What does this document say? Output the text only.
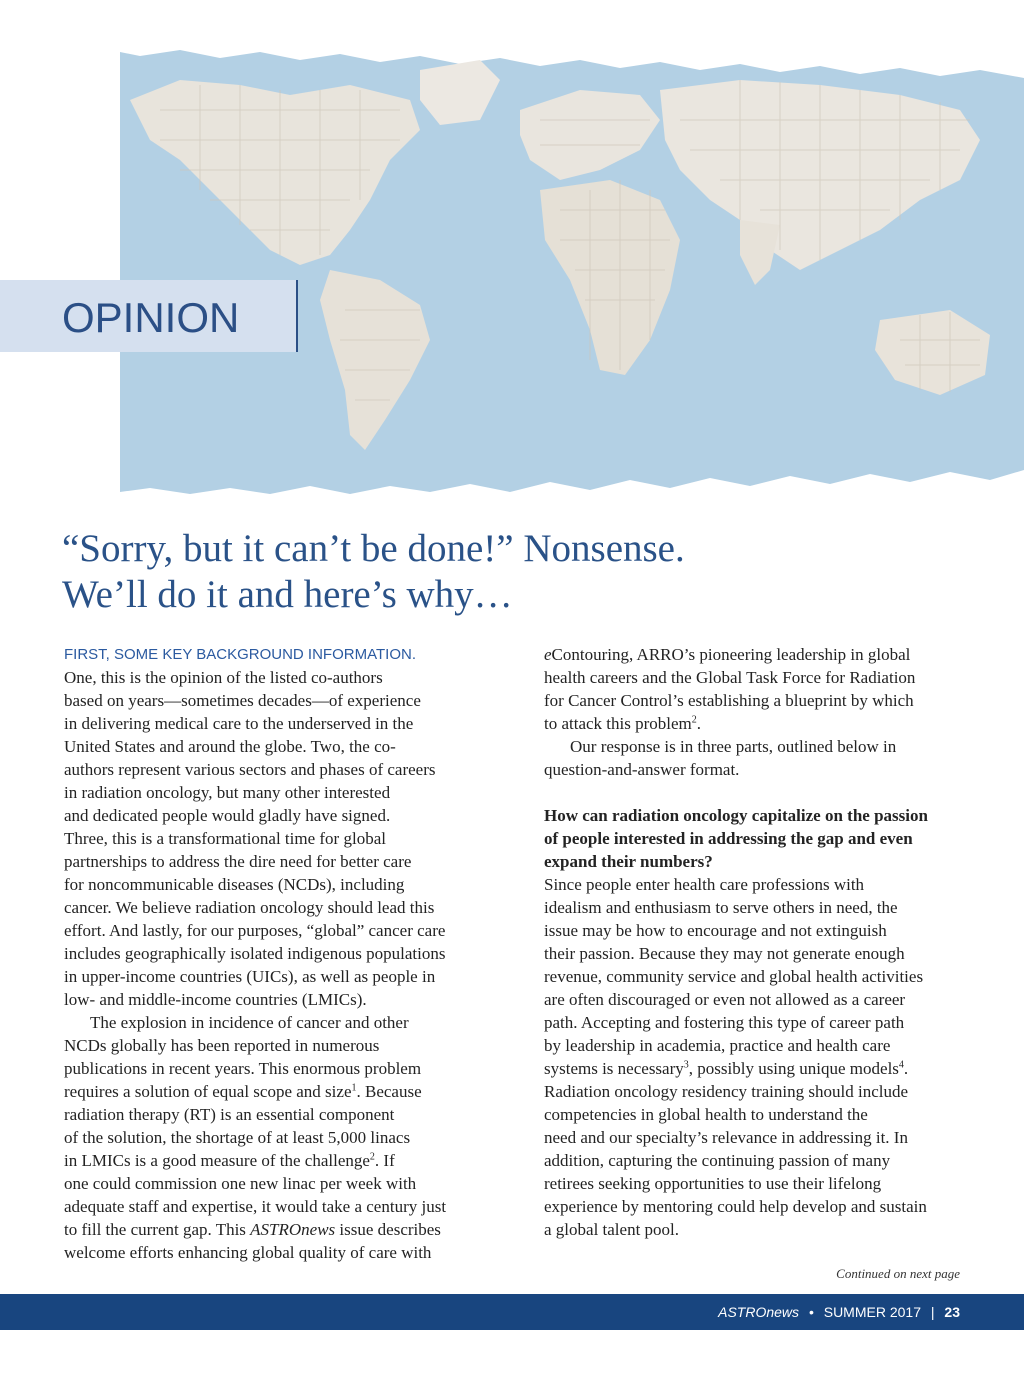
OPINION
“Sorry, but it can’t be done!” Nonsense.
We’ll do it and here’s why…
FIRST, SOME KEY BACKGROUND INFORMATION.
One, this is the opinion of the listed co-authors
based on years—sometimes decades—of experience
in delivering medical care to the underserved in the
United States and around the globe. Two, the co-
authors represent various sectors and phases of careers
in radiation oncology, but many other interested
and dedicated people would gladly have signed.
Three, this is a transformational time for global
partnerships to address the dire need for better care
for noncommunicable diseases (NCDs), including
cancer. We believe radiation oncology should lead this
effort. And lastly, for our purposes, “global” cancer care
includes geographically isolated indigenous populations
in upper-income countries (UICs), as well as people in
low- and middle-income countries (LMICs).
The explosion in incidence of cancer and other
NCDs globally has been reported in numerous
publications in recent years. This enormous problem
requires a solution of equal scope and size$^1$. Because
radiation therapy (RT) is an essential component
of the solution, the shortage of at least 5,000 linacs
in LMICs is a good measure of the challenge$^2$. If
one could commission one new linac per week with
adequate staff and expertise, it would take a century just
to fill the current gap. This ASTROnews issue describes
welcome efforts enhancing global quality of care with
eContouring, ARRO’s pioneering leadership in global
health careers and the Global Task Force for Radiation
for Cancer Control’s establishing a blueprint by which
to attack this problem$^2$.
Our response is in three parts, outlined below in
question-and-answer format.
How can radiation oncology capitalize on the passion
of people interested in addressing the gap and even
expand their numbers?
Since people enter health care professions with
idealism and enthusiasm to serve others in need, the
issue may be how to encourage and not extinguish
their passion. Because they may not generate enough
revenue, community service and global health activities
are often discouraged or even not allowed as a career
path. Accepting and fostering this type of career path
by leadership in academia, practice and health care
systems is necessary$^3$, possibly using unique models$^4$.
Radiation oncology residency training should include
competencies in global health to understand the
need and our specialty’s relevance in addressing it. In
addition, capturing the continuing passion of many
retirees seeking opportunities to use their lifelong
experience by mentoring could help develop and sustain
a global talent pool.
Continued on next page
ASTROnews • SUMMER 2017 | 23
